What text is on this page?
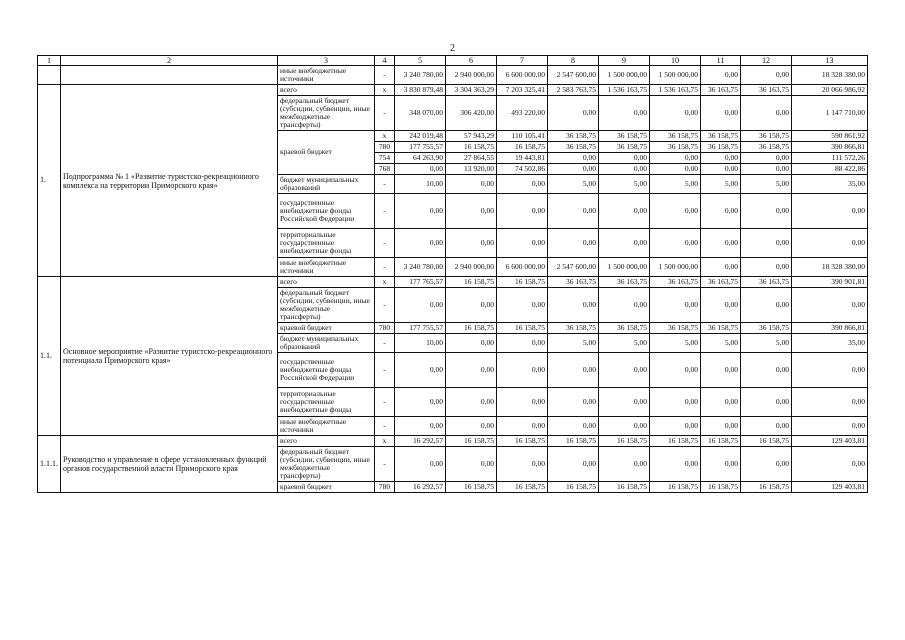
2
1	2	3	4	5	6	7	8	9	10	11	12	13
		иные внебюджетные источники	-	3 240 780,00	2 940 000,00	6 600 000,00	2 547 600,00	1 500 000,00	1 500 000,00	0,00	0,00	18 328 380,00
1.	Подпрограмма № 1 «Развитие туристско-рекреационного комплекса на территории Приморского края»	всего	x	3 830 879,48	3 304 363,29	7 203 325,41	2 583 763,75	1 536 163,75	1 536 163,75	36 163,75	36 163,75	20 066 986,92
		федеральный бюджет (субсидии, субвенции, иные межбюджетные трансферты)	-	348 070,00	306 420,00	493 220,00	0,00	0,00	0,00	0,00	0,00	1 147 710,00
		краевой бюджет	x	242 019,48	57 943,29	110 105,41	36 158,75	36 158,75	36 158,75	36 158,75	36 158,75	590 861,92
			780	177 755,57	16 158,75	16 158,75	36 158,75	36 158,75	36 158,75	36 158,75	36 158,75	390 866,81
			754	64 263,90	27 864,55	19 443,81	0,00	0,00	0,00	0,00	0,00	111 572,26
			768	0,00	13 920,00	74 502,86	0,00	0,00	0,00	0,00	0,00	88 422,86
		бюджет муниципальных образований	-	10,00	0,00	0,00	5,00	5,00	5,00	5,00	5,00	35,00
		государственные внебюджетные фонды Российской Федерации	-	0,00	0,00	0,00	0,00	0,00	0,00	0,00	0,00	0,00
		территориальные государственные внебюджетные фонды	-	0,00	0,00	0,00	0,00	0,00	0,00	0,00	0,00	0,00
		иные внебюджетные источники	-	3 240 780,00	2 940 000,00	6 600 000,00	2 547 600,00	1 500 000,00	1 500 000,00	0,00	0,00	18 328 380,00
1.1.	Основное мероприятие «Развитие туристско-рекреационного потенциала Приморского края»	всего	x	177 765,57	16 158,75	16 158,75	36 163,75	36 163,75	36 163,75	36 163,75	36 163,75	390 901,81
		федеральный бюджет (субсидии, субвенции, иные межбюджетные трансферты)	-	0,00	0,00	0,00	0,00	0,00	0,00	0,00	0,00	0,00
		краевой бюджет	780	177 755,57	16 158,75	16 158,75	36 158,75	36 158,75	36 158,75	36 158,75	36 158,75	390 866,81
		бюджет муниципальных образований	-	10,00	0,00	0,00	5,00	5,00	5,00	5,00	5,00	35,00
		государственные внебюджетные фонды Российской Федерации	-	0,00	0,00	0,00	0,00	0,00	0,00	0,00	0,00	0,00
		территориальные государственные внебюджетные фонды	-	0,00	0,00	0,00	0,00	0,00	0,00	0,00	0,00	0,00
		иные внебюджетные источники	-	0,00	0,00	0,00	0,00	0,00	0,00	0,00	0,00	0,00
1.1.1.	Руководство и управление в сфере установленных функций органов государственной власти Приморского края	всего	x	16 292,57	16 158,75	16 158,75	16 158,75	16 158,75	16 158,75	16 158,75	16 158,75	129 403,81
		федеральный бюджет (субсидии, субвенции, иные межбюджетные трансферты)	-	0,00	0,00	0,00	0,00	0,00	0,00	0,00	0,00	0,00
		краевой бюджет	780	16 292,57	16 158,75	16 158,75	16 158,75	16 158,75	16 158,75	16 158,75	16 158,75	129 403,81
